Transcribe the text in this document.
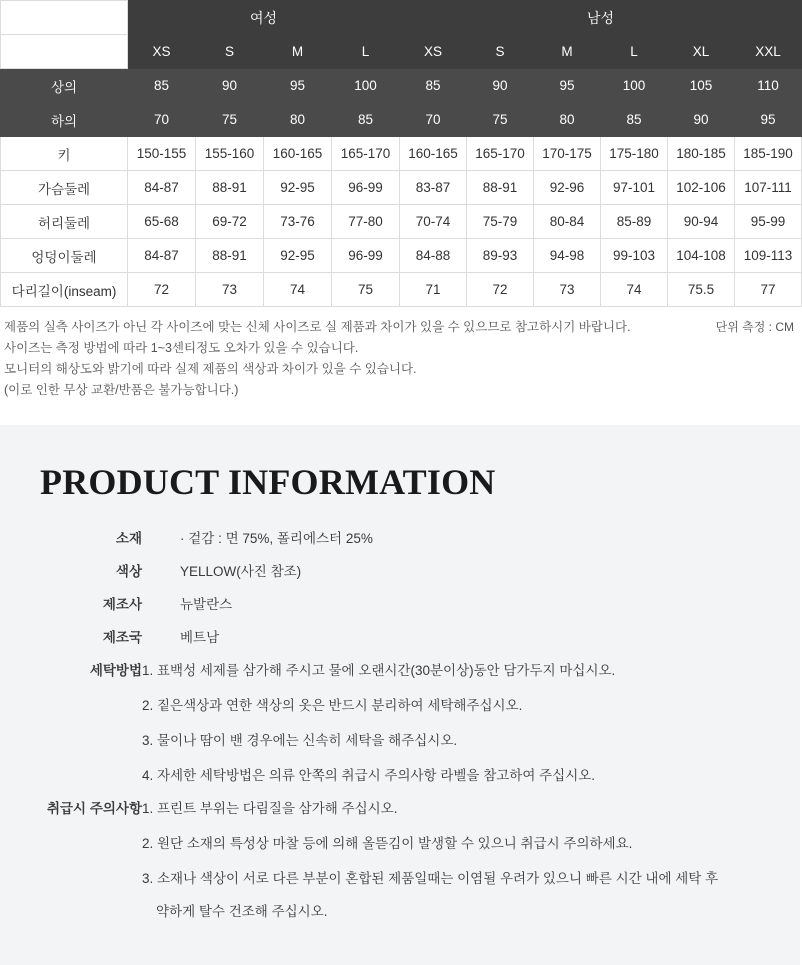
	여성				남성					
	XS	S	M	L	XS	S	M	L	XL	XXL
상의	85	90	95	100	85	90	95	100	105	110
하의	70	75	80	85	70	75	80	85	90	95
키	150-155	155-160	160-165	165-170	160-165	165-170	170-175	175-180	180-185	185-190
가슴둘레	84-87	88-91	92-95	96-99	83-87	88-91	92-96	97-101	102-106	107-111
허리둘레	65-68	69-72	73-76	77-80	70-74	75-79	80-84	85-89	90-94	95-99
엉덩이둘레	84-87	88-91	92-95	96-99	84-88	89-93	94-98	99-103	104-108	109-113
다리길이(inseam)	72	73	74	75	71	72	73	74	75.5	77
단위 측정 : CM
제품의 실측 사이즈가 아닌 각 사이즈에 맞는 신체 사이즈로 실 제품과 차이가 있을 수 있으므로 참고하시기 바랍니다.
사이즈는 측정 방법에 따라 1~3센티정도 오차가 있을 수 있습니다.
모니터의 해상도와 밝기에 따라 실제 제품의 색상과 차이가 있을 수 있습니다.
(이로 인한 무상 교환/반품은 불가능합니다.)
PRODUCT INFORMATION
소재	· 겉감 : 면 75%, 폴리에스터 25%
색상	YELLOW(사진 참조)
제조사	뉴발란스
제조국	베트남
세탁방법 1. 표백성 세제를 삼가해 주시고 물에 오랜시간(30분이상)동안 담가두지 마십시오.
2. 짙은색상과 연한 색상의 옷은 반드시 분리하여 세탁해주십시오.
3. 물이나 땀이 밴 경우에는 신속히 세탁을 해주십시오.
4. 자세한 세탁방법은 의류 안쪽의 취급시 주의사항 라벨을 참고하여 주십시오.
취급시 주의사항 1. 프린트 부위는 다림질을 삼가해 주십시오.
2. 원단 소재의 특성상 마찰 등에 의해 올뜯김이 발생할 수 있으니 취급시 주의하세요.
3. 소재나 색상이 서로 다른 부분이 혼합된 제품일때는 이염될 우려가 있으니 빠른 시간 내에 세탁 후
약하게 탈수 건조해 주십시오.
